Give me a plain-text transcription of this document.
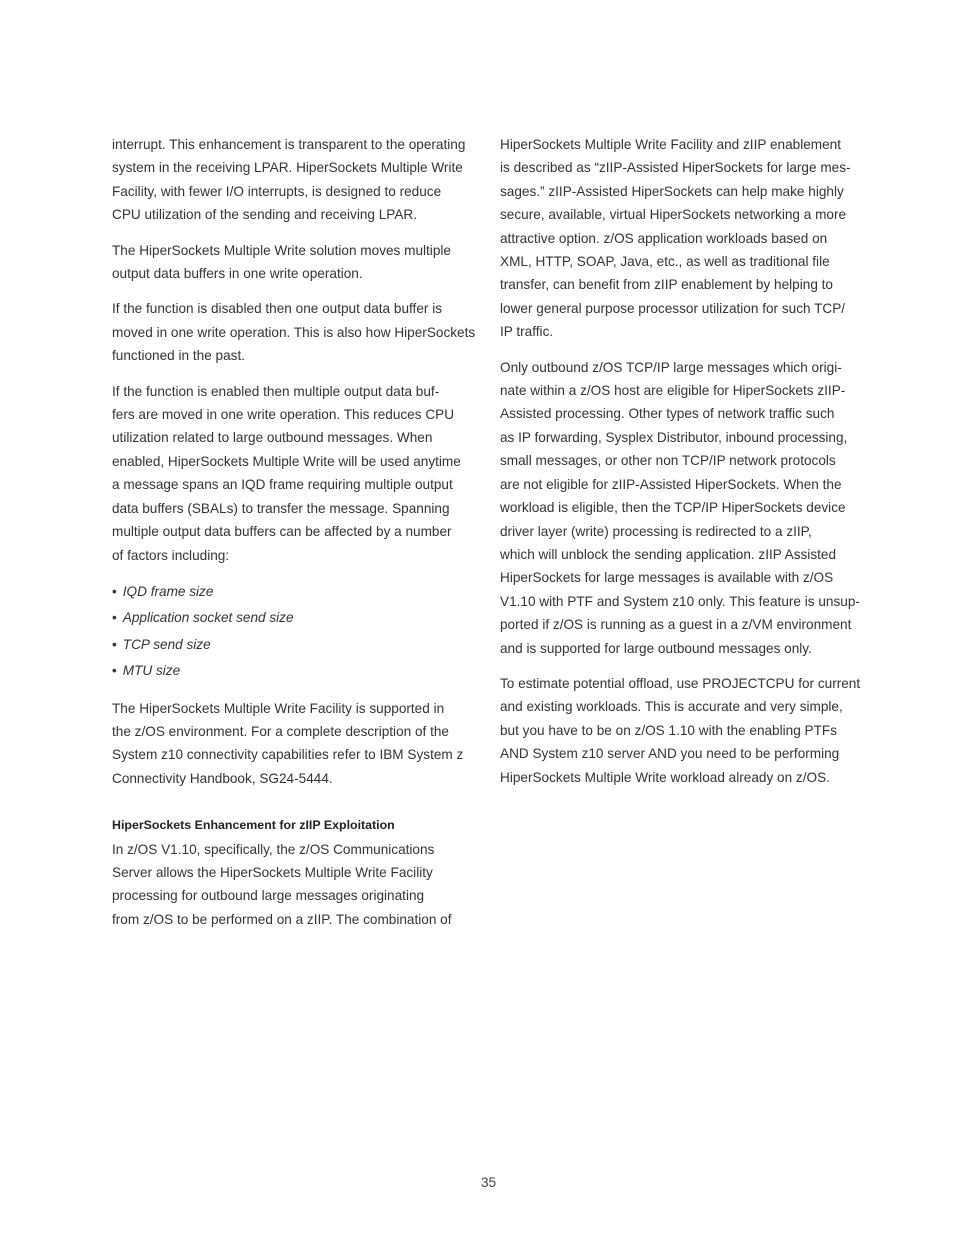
interrupt. This enhancement is transparent to the operating
system in the receiving LPAR. HiperSockets Multiple Write
Facility, with fewer I/O interrupts, is designed to reduce
CPU utilization of the sending and receiving LPAR.

The HiperSockets Multiple Write solution moves multiple
output data buffers in one write operation.

If the function is disabled then one output data buffer is
moved in one write operation. This is also how HiperSockets
functioned in the past.

If the function is enabled then multiple output data buf-
fers are moved in one write operation. This reduces CPU
utilization related to large outbound messages. When
enabled, HiperSockets Multiple Write will be used anytime
a message spans an IQD frame requiring multiple output
data buffers (SBALs) to transfer the message. Spanning
multiple output data buffers can be affected by a number
of factors including:

• IQD frame size
• Application socket send size
• TCP send size
• MTU size

The HiperSockets Multiple Write Facility is supported in
the z/OS environment. For a complete description of the
System z10 connectivity capabilities refer to IBM System z
Connectivity Handbook, SG24-5444.

HiperSockets Enhancement for zIIP Exploitation

In z/OS V1.10, specifically, the z/OS Communications
Server allows the HiperSockets Multiple Write Facility
processing for outbound large messages originating
from z/OS to be performed on a zIIP. The combination of

HiperSockets Multiple Write Facility and zIIP enablement
is described as “zIIP-Assisted HiperSockets for large mes-
sages.” zIIP-Assisted HiperSockets can help make highly
secure, available, virtual HiperSockets networking a more
attractive option. z/OS application workloads based on
XML, HTTP, SOAP, Java, etc., as well as traditional file
transfer, can benefit from zIIP enablement by helping to
lower general purpose processor utilization for such TCP/
IP traffic.

Only outbound z/OS TCP/IP large messages which origi-
nate within a z/OS host are eligible for HiperSockets zIIP-
Assisted processing. Other types of network traffic such
as IP forwarding, Sysplex Distributor, inbound processing,
small messages, or other non TCP/IP network protocols
are not eligible for zIIP-Assisted HiperSockets. When the
workload is eligible, then the TCP/IP HiperSockets device
driver layer (write) processing is redirected to a zIIP,
which will unblock the sending application. zIIP Assisted
HiperSockets for large messages is available with z/OS
V1.10 with PTF and System z10 only. This feature is unsup-
ported if z/OS is running as a guest in a z/VM environment
and is supported for large outbound messages only.

To estimate potential offload, use PROJECTCPU for current
and existing workloads. This is accurate and very simple,
but you have to be on z/OS 1.10 with the enabling PTFs
AND System z10 server AND you need to be performing
HiperSockets Multiple Write workload already on z/OS.

35
